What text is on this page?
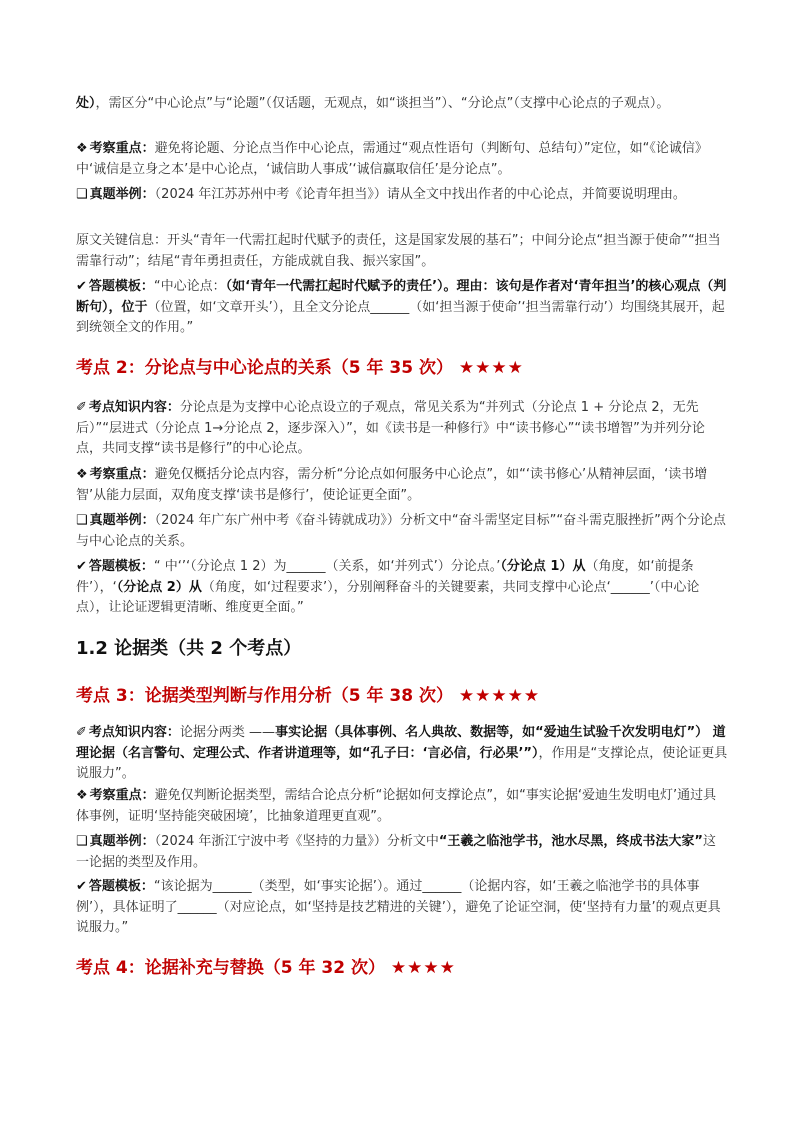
处），需区分“中心论点”与“论题”（仅话题，无观点，如“谈担当”）、“分论点”（支撑中心论点的子观点）。

❖ 考察重点：避免将论题、分论点当作中心论点，需通过“观点性语句（判断句、总结句）”定位，如“《论诚信》中‘诚信是立身之本’是中心论点，‘诚信助人事成’‘诚信赢取信任’是分论点”。

❑ 真题举例：（2024 年江苏苏州中考《论青年担当》）请从全文中找出作者的中心论点，并简要说明理由。

原文关键信息：开头“青年一代需扛起时代赋予的责任，这是国家发展的基石”；中间分论点“担当源于使命”“担当需靠行动”；结尾“青年勇担责任，方能成就自我、振兴家国”。

✔ 答题模板：“中心论点：（如‘青年一代需扛起时代赋予的责任’）。理由：该句是作者对‘青年担当’的核心观点（判断句），位于（位置，如‘文章开头’），且全文分论点______（如‘担当源于使命’‘担当需靠行动’）均围绕其展开，起到统领全文的作用。”

考点 2：分论点与中心论点的关系（5 年 35 次） ★★★★

✐ 考点知识内容：分论点是为支撑中心论点设立的子观点，常见关系为“并列式（分论点 1 + 分论点 2，无先后）”“层进式（分论点 1→分论点 2，逐步深入）”，如《读书是一种修行》中“读书修心”“读书增智”为并列分论点，共同支撑“读书是修行”的中心论点。

❖ 考察重点：避免仅概括分论点内容，需分析“分论点如何服务中心论点”，如“‘读书修心’从精神层面，‘读书增智’从能力层面，双角度支撑‘读书是修行’，使论证更全面”。

❑ 真题举例：（2024 年广东广州中考《奋斗铸就成功》）分析文中“奋斗需坚定目标”“奋斗需克服挫折”两个分论点与中心论点的关系。

✔ 答题模板：“ 中‘’‘（分论点 1 2）为______（关系，如‘并列式’）分论点。’（分论点 1）从（角度，如‘前提条件’），‘（分论点 2）从（角度，如‘过程要求’），分别阐释奋斗的关键要素，共同支撑中心论点‘______’（中心论点），让论证逻辑更清晰、维度更全面。”

1.2 论据类（共 2 个考点）
考点 3：论据类型判断与作用分析（5 年 38 次） ★★★★★

✐ 考点知识内容：论据分两类 ——事实论据（具体事例、名人典故、数据等，如“爱迪生试验千次发明电灯”） 道理论据（名言警句、定理公式、作者讲道理等，如“孔子曰：‘言必信，行必果’”），作用是“支撑论点，使论证更具说服力”。

❖ 考察重点：避免仅判断论据类型，需结合论点分析“论据如何支撑论点”，如“事实论据‘爱迪生发明电灯’通过具体事例，证明‘坚持能突破困境’，比抽象道理更直观”。

❑ 真题举例：（2024 年浙江宁波中考《坚持的力量》）分析文中“王羲之临池学书，池水尽黑，终成书法大家”这一论据的类型及作用。

✔ 答题模板：“该论据为______（类型，如‘事实论据’）。通过______（论据内容，如‘王羲之临池学书的具体事例’），具体证明了______（对应论点，如‘坚持是技艺精进的关键’），避免了论证空洞，使‘坚持有力量’的观点更具说服力。”

考点 4：论据补充与替换（5 年 32 次） ★★★★
